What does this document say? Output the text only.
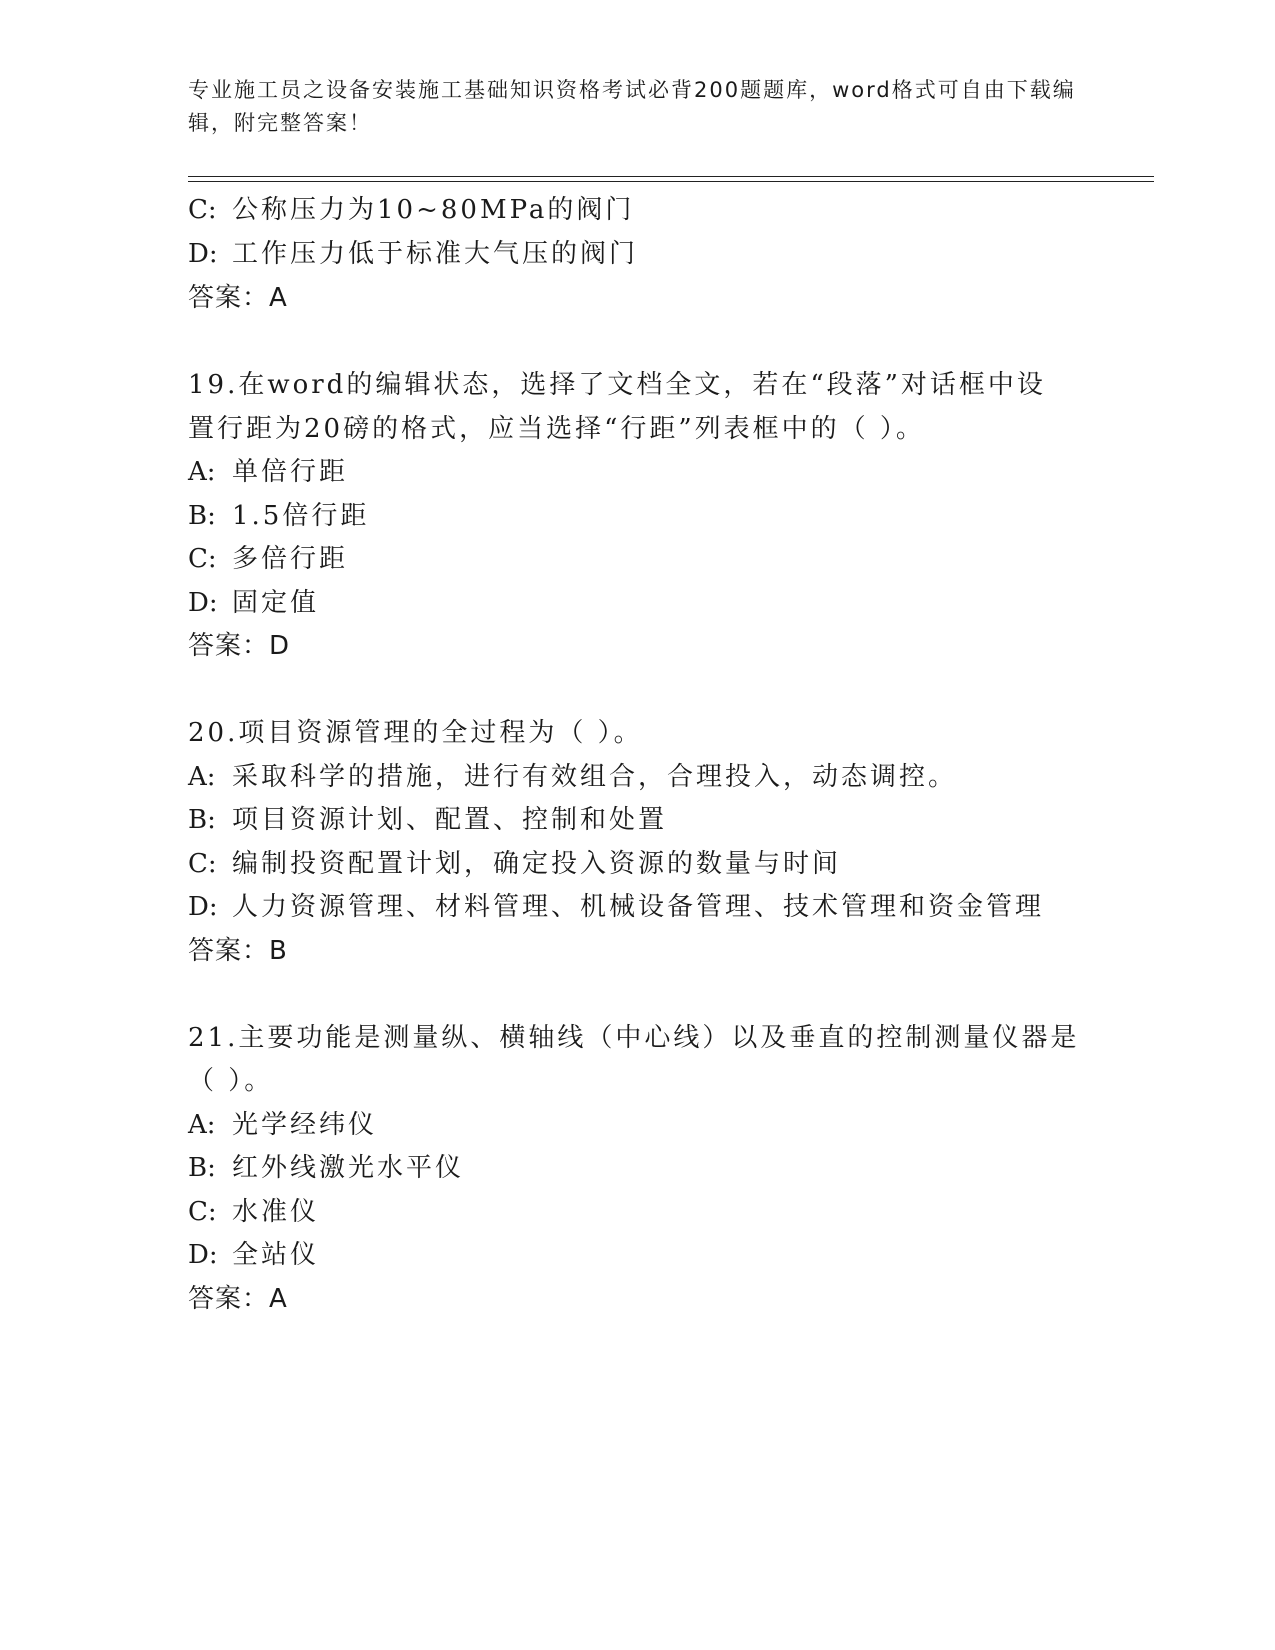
专业施工员之设备安装施工基础知识资格考试必背200题题库，word格式可自由下载编辑，附完整答案！
C: 公称压力为10~80MPa的阀门
D: 工作压力低于标准大气压的阀门
答案：A
19.在word的编辑状态，选择了文档全文，若在“段落”对话框中设
置行距为20磅的格式，应当选择“行距”列表框中的（ ）。
A: 单倍行距
B: 1.5倍行距
C: 多倍行距
D: 固定值
答案：D
20.项目资源管理的全过程为（ ）。
A: 采取科学的措施，进行有效组合，合理投入，动态调控。
B: 项目资源计划、配置、控制和处置
C: 编制投资配置计划，确定投入资源的数量与时间
D: 人力资源管理、材料管理、机械设备管理、技术管理和资金管理
答案：B
21.主要功能是测量纵、横轴线（中心线）以及垂直的控制测量仪器是
（ ）。
A: 光学经纬仪
B: 红外线激光水平仪
C: 水准仪
D: 全站仪
答案：A
